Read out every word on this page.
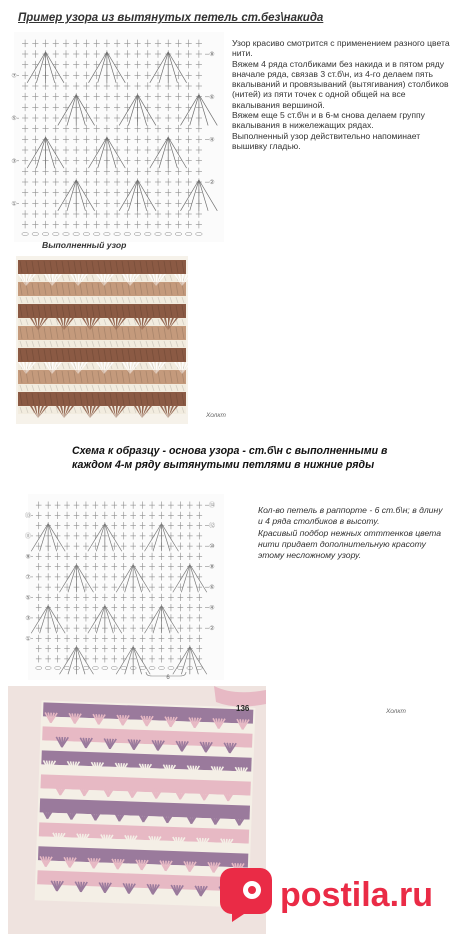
Пример узора из вытянутых петель ст.без\накида
⑧
⑦
⑥
⑤
④
③
②
①

Узор красиво смотрится с применением разного цвета нити.

Вяжем 4 ряда столбиками без накида и в пятом ряду вначале ряда, связав 3 ст.б\н, из 4-го делаем пять вкалываний и провязываний (вытягивания) столбиков (нитей) из пяти точек с одной общей на все вкалывания вершиной.

Вяжем еще 5 ст.б\н и в 6-м снова делаем группу вкалывания в нижележащих рядах.

Выполненный узор действительно напоминает вышивку гладью.

Выполненный узор
Холкт
Схема к образцу - основа узора - ст.б\н с выполненными в каждом 4-м ряду вытянутыми петлями в нижние ряды
⑭
⑬
⑫
⑪
⑩
⑨
⑧
⑦
⑥
⑤
④
③
②
①
6

Кол-во петель в раппорте - 6 ст.б\н; в длину и 4 ряда столбиков в высоту.

Красивый подбор нежных отттенков цвета нити придает дополнительную красоту этому несложному узору.

136	Холкт
postila.ru
